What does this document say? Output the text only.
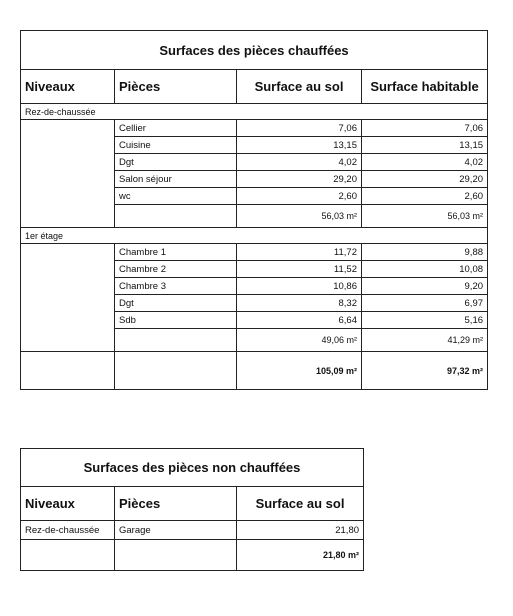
Surfaces des pièces chauffées			
Niveaux	Pièces	Surface au sol	Surface habitable
Rez-de-chaussée			
	Cellier	7,06	7,06
	Cuisine	13,15	13,15
	Dgt	4,02	4,02
	Salon séjour	29,20	29,20
	wc	2,60	2,60
		56,03 m²	56,03 m²
1er étage			
	Chambre 1	11,72	9,88
	Chambre 2	11,52	10,08
	Chambre 3	10,86	9,20
	Dgt	8,32	6,97
	Sdb	6,64	5,16
		49,06 m²	41,29 m²
		105,09 m²	97,32 m²
Surfaces des pièces non chauffées		
Niveaux	Pièces	Surface au sol
Rez-de-chaussée	Garage	21,80
		21,80 m²
